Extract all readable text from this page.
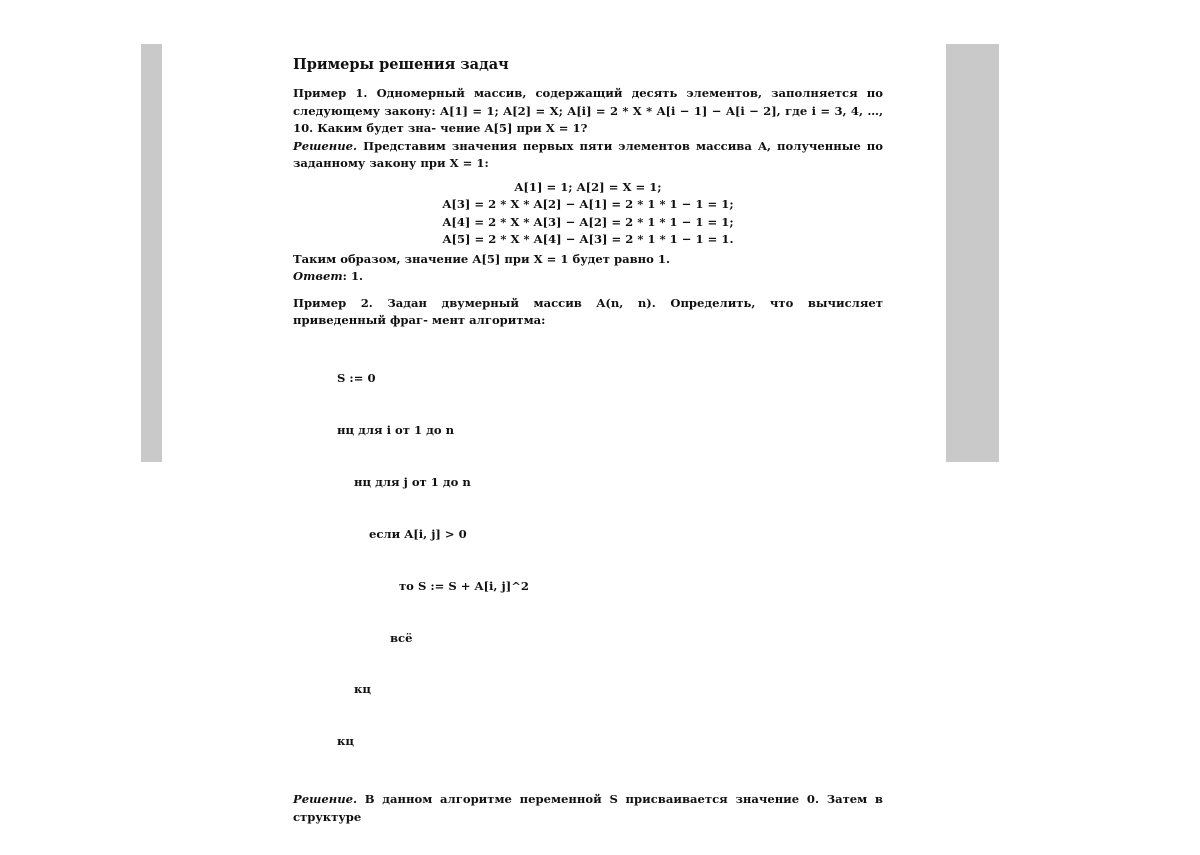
Примеры решения задач

Пример 1. Одномерный массив, содержащий десять элементов, заполняется по следующему закону: A[1] = 1; A[2] = X; A[i] = 2 * X * A[i − 1] − A[i − 2], где i = 3, 4, …, 10. Каким будет зна- чение A[5] при X = 1?

Решение. Представим значения первых пяти элементов массива A, полученные по заданному закону при X = 1:

A[1] = 1; A[2] = X = 1;
A[3] = 2 * X * A[2] − A[1] = 2 * 1 * 1 − 1 = 1;
A[4] = 2 * X * A[3] − A[2] = 2 * 1 * 1 − 1 = 1;
A[5] = 2 * X * A[4] − A[3] = 2 * 1 * 1 − 1 = 1.

Таким образом, значение A[5] при X = 1 будет равно 1.

Ответ: 1.

Пример 2. Задан двумерный массив A(n, n). Определить, что вычисляет приведенный фраг- мент алгоритма:

S := 0

нц для i от 1 до n

нц для j от 1 до n

если A[i, j] > 0

то S := S + A[i, j]^2

всё

кц

кц

Решение. В данном алгоритме переменной S присваивается значение 0. Затем в структуре
